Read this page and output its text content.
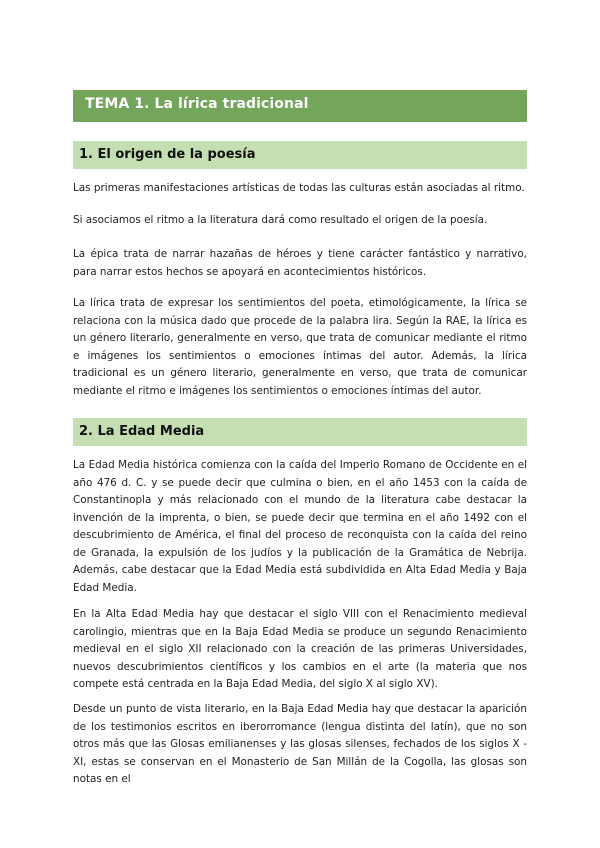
TEMA 1. La lírica tradicional
1. El origen de la poesía

Las primeras manifestaciones artísticas de todas las culturas están asociadas al ritmo.

Si asociamos el ritmo a la literatura dará como resultado el origen de la poesía.

La épica trata de narrar hazañas de héroes y tiene carácter fantástico y narrativo, para narrar estos hechos se apoyará en acontecimientos históricos.

La lírica trata de expresar los sentimientos del poeta, etimológicamente, la lírica se relaciona con la música dado que procede de la palabra lira. Según la RAE, la lírica es un género literario, generalmente en verso, que trata de comunicar mediante el ritmo e imágenes los sentimientos o emociones íntimas del autor. Además, la lírica tradicional es un género literario, generalmente en verso, que trata de comunicar mediante el ritmo e imágenes los sentimientos o emociones íntimas del autor.

2. La Edad Media

La Edad Media histórica comienza con la caída del Imperio Romano de Occidente en el año 476 d. C. y se puede decir que culmina o bien, en el año 1453 con la caída de Constantinopla y más relacionado con el mundo de la literatura cabe destacar la invención de la imprenta, o bien, se puede decir que termina en el año 1492 con el descubrimiento de América, el final del proceso de reconquista con la caída del reino de Granada, la expulsión de los judíos y la publicación de la Gramática de Nebrija. Además, cabe destacar que la Edad Media está subdividida en Alta Edad Media y Baja Edad Media.

En la Alta Edad Media hay que destacar el siglo VIII con el Renacimiento medieval carolingio, mientras que en la Baja Edad Media se produce un segundo Renacimiento medieval en el siglo XII relacionado con la creación de las primeras Universidades, nuevos descubrimientos científicos y los cambios en el arte (la materia que nos compete está centrada en la Baja Edad Media, del siglo X al siglo XV).

Desde un punto de vista literario, en la Baja Edad Media hay que destacar la aparición de los testimonios escritos en iberorromance (lengua distinta del latín), que no son otros más que las Glosas emilianenses y las glosas silenses, fechados de los siglos X - XI, estas se conservan en el Monasterio de San Millán de la Cogolla, las glosas son notas en el
